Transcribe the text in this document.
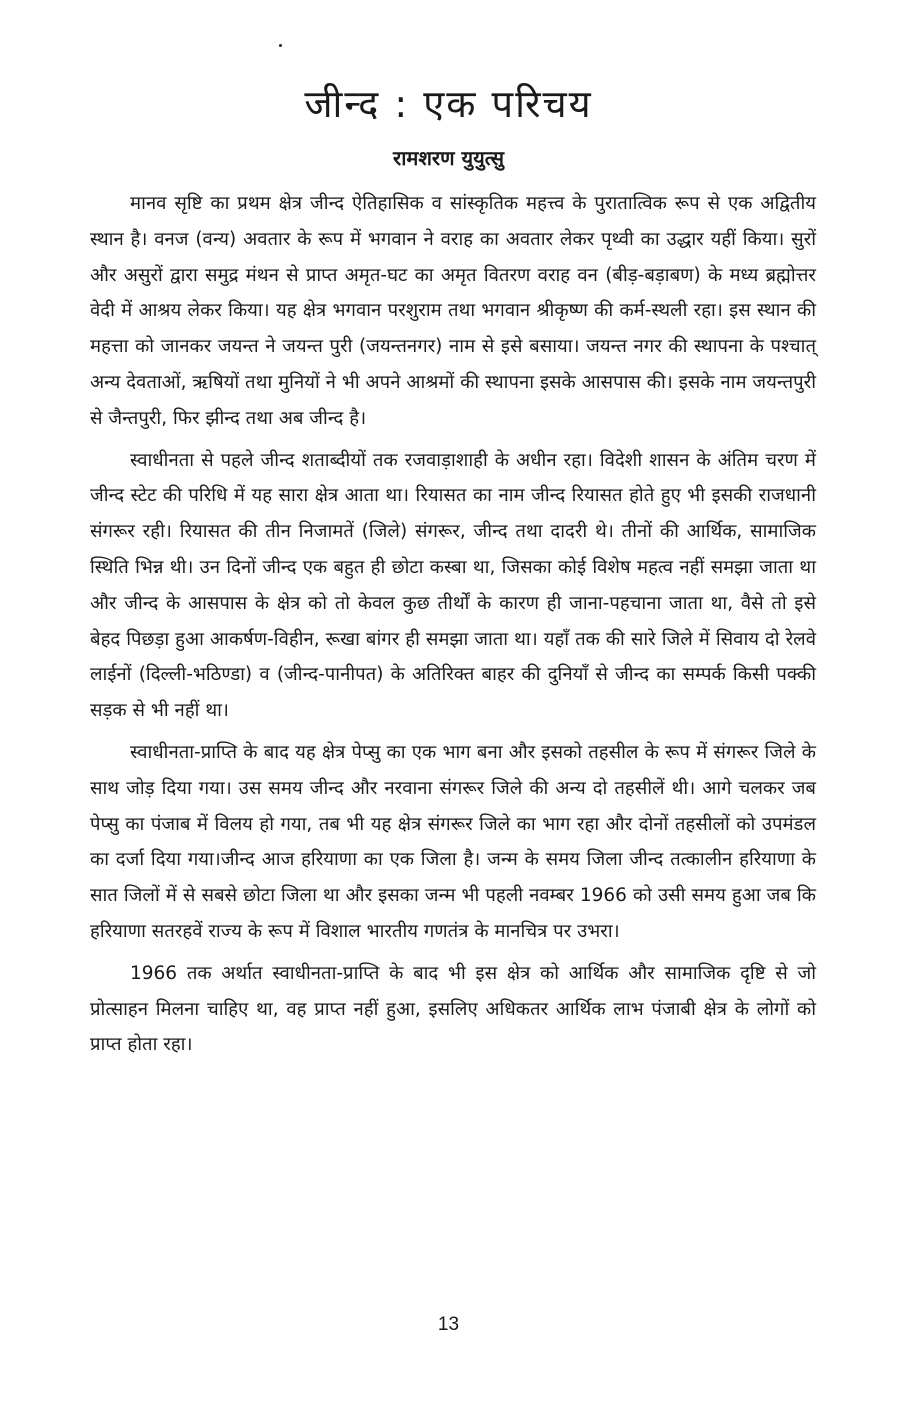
जीन्द : एक परिचय
रामशरण युयुत्सु

मानव सृष्टि का प्रथम क्षेत्र जीन्द ऐतिहासिक व सांस्कृतिक महत्त्व के पुरातात्विक रूप से एक अद्वितीय स्थान है। वनज (वन्य) अवतार के रूप में भगवान ने वराह का अवतार लेकर पृथ्वी का उद्धार यहीं किया। सुरों और असुरों द्वारा समुद्र मंथन से प्राप्त अमृत-घट का अमृत वितरण वराह वन (बीड़-बड़ाबण) के मध्य ब्रह्मोत्तर वेदी में आश्रय लेकर किया। यह क्षेत्र भगवान परशुराम तथा भगवान श्रीकृष्ण की कर्म-स्थली रहा। इस स्थान की महत्ता को जानकर जयन्त ने जयन्त पुरी (जयन्तनगर) नाम से इसे बसाया। जयन्त नगर की स्थापना के पश्चात् अन्य देवताओं, ऋषियों तथा मुनियों ने भी अपने आश्रमों की स्थापना इसके आसपास की। इसके नाम जयन्तपुरी से जैन्तपुरी, फिर झीन्द तथा अब जीन्द है।

स्वाधीनता से पहले जीन्द शताब्दीयों तक रजवाड़ाशाही के अधीन रहा। विदेशी शासन के अंतिम चरण में जीन्द स्टेट की परिधि में यह सारा क्षेत्र आता था। रियासत का नाम जीन्द रियासत होते हुए भी इसकी राजधानी संगरूर रही। रियासत की तीन निजामतें (जिले) संगरूर, जीन्द तथा दादरी थे। तीनों की आर्थिक, सामाजिक स्थिति भिन्न थी। उन दिनों जीन्द एक बहुत ही छोटा कस्बा था, जिसका कोई विशेष महत्व नहीं समझा जाता था और जीन्द के आसपास के क्षेत्र को तो केवल कुछ तीर्थों के कारण ही जाना-पहचाना जाता था, वैसे तो इसे बेहद पिछड़ा हुआ आकर्षण-विहीन, रूखा बांगर ही समझा जाता था। यहाँ तक की सारे जिले में सिवाय दो रेलवे लाईनों (दिल्ली-भठिण्डा) व (जीन्द-पानीपत) के अतिरिक्त बाहर की दुनियाँ से जीन्द का सम्पर्क किसी पक्की सड़क से भी नहीं था।

स्वाधीनता-प्राप्ति के बाद यह क्षेत्र पेप्सु का एक भाग बना और इसको तहसील के रूप में संगरूर जिले के साथ जोड़ दिया गया। उस समय जीन्द और नरवाना संगरूर जिले की अन्य दो तहसीलें थी। आगे चलकर जब पेप्सु का पंजाब में विलय हो गया, तब भी यह क्षेत्र संगरूर जिले का भाग रहा और दोनों तहसीलों को उपमंडल का दर्जा दिया गया।जीन्द आज हरियाणा का एक जिला है। जन्म के समय जिला जीन्द तत्कालीन हरियाणा के सात जिलों में से सबसे छोटा जिला था और इसका जन्म भी पहली नवम्बर 1966 को उसी समय हुआ जब कि हरियाणा सतरहवें राज्य के रूप में विशाल भारतीय गणतंत्र के मानचित्र पर उभरा।

1966 तक अर्थात स्वाधीनता-प्राप्ति के बाद भी इस क्षेत्र को आर्थिक और सामाजिक दृष्टि से जो प्रोत्साहन मिलना चाहिए था, वह प्राप्त नहीं हुआ, इसलिए अधिकतर आर्थिक लाभ पंजाबी क्षेत्र के लोगों को प्राप्त होता रहा।

13
